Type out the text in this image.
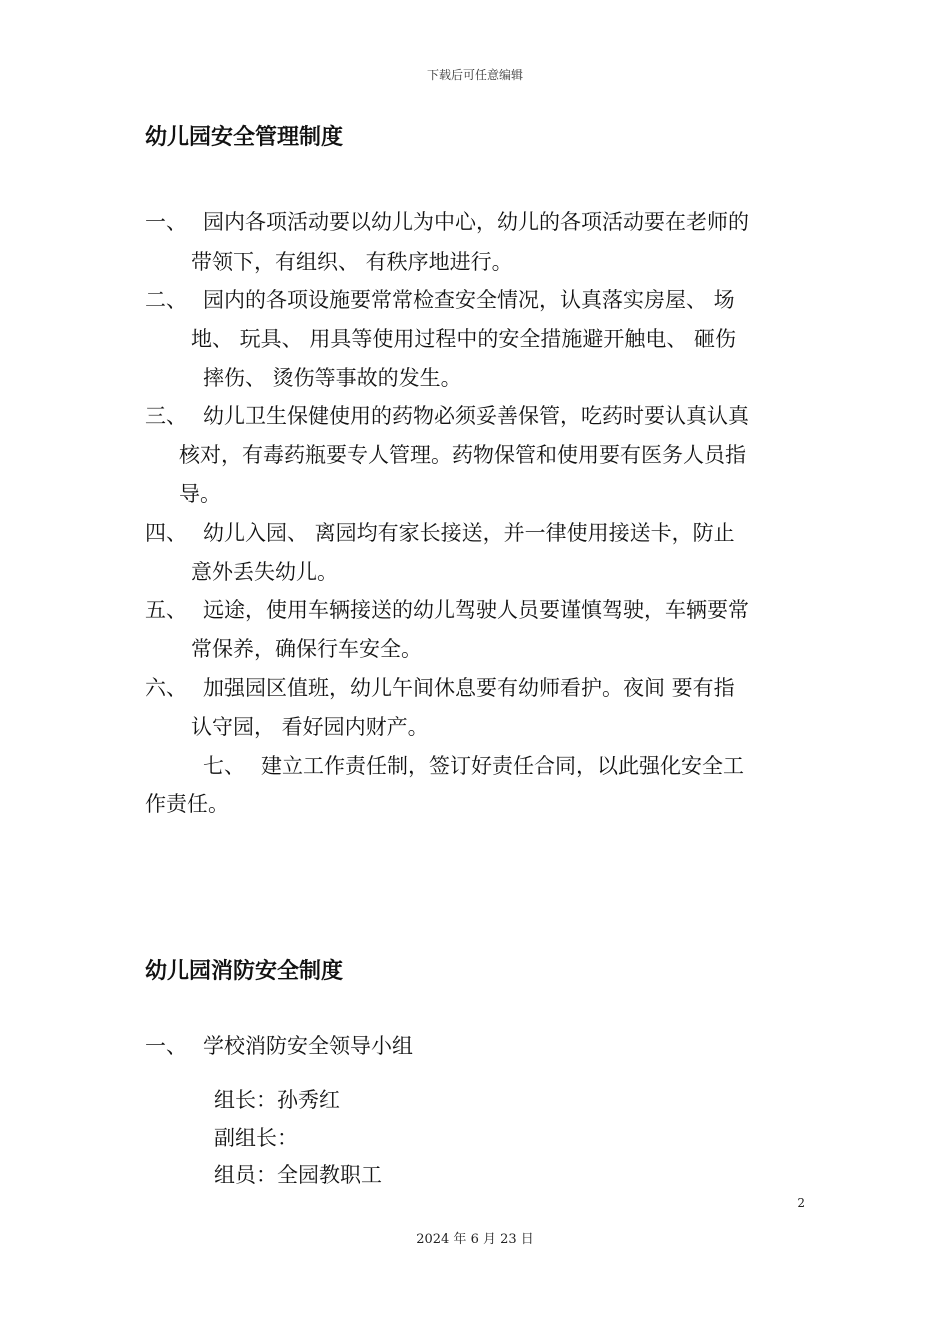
下载后可任意编辑
幼儿园安全管理制度
一、 园内各项活动要以幼儿为中心，幼儿的各项活动要在老师的
带领下，有组织、 有秩序地进行。
二、 园内的各项设施要常常检查安全情况，认真落实房屋、 场
地、 玩具、 用具等使用过程中的安全措施避开触电、 砸伤
摔伤、 烫伤等事故的发生。
三、 幼儿卫生保健使用的药物必须妥善保管，吃药时要认真认真
核对，有毒药瓶要专人管理。药物保管和使用要有医务人员指
导。
四、 幼儿入园、 离园均有家长接送，并一律使用接送卡，防止
意外丢失幼儿。
五、 远途，使用车辆接送的幼儿驾驶人员要谨慎驾驶，车辆要常
常保养，确保行车安全。
六、 加强园区值班，幼儿午间休息要有幼师看护。夜间 要有指
认守园， 看好园内财产。
七、 建立工作责任制，签订好责任合同，以此强化安全工
作责任。
幼儿园消防安全制度
一、 学校消防安全领导小组
组长：孙秀红
副组长：
组员：全园教职工
2
2024 年 6 月 23 日
